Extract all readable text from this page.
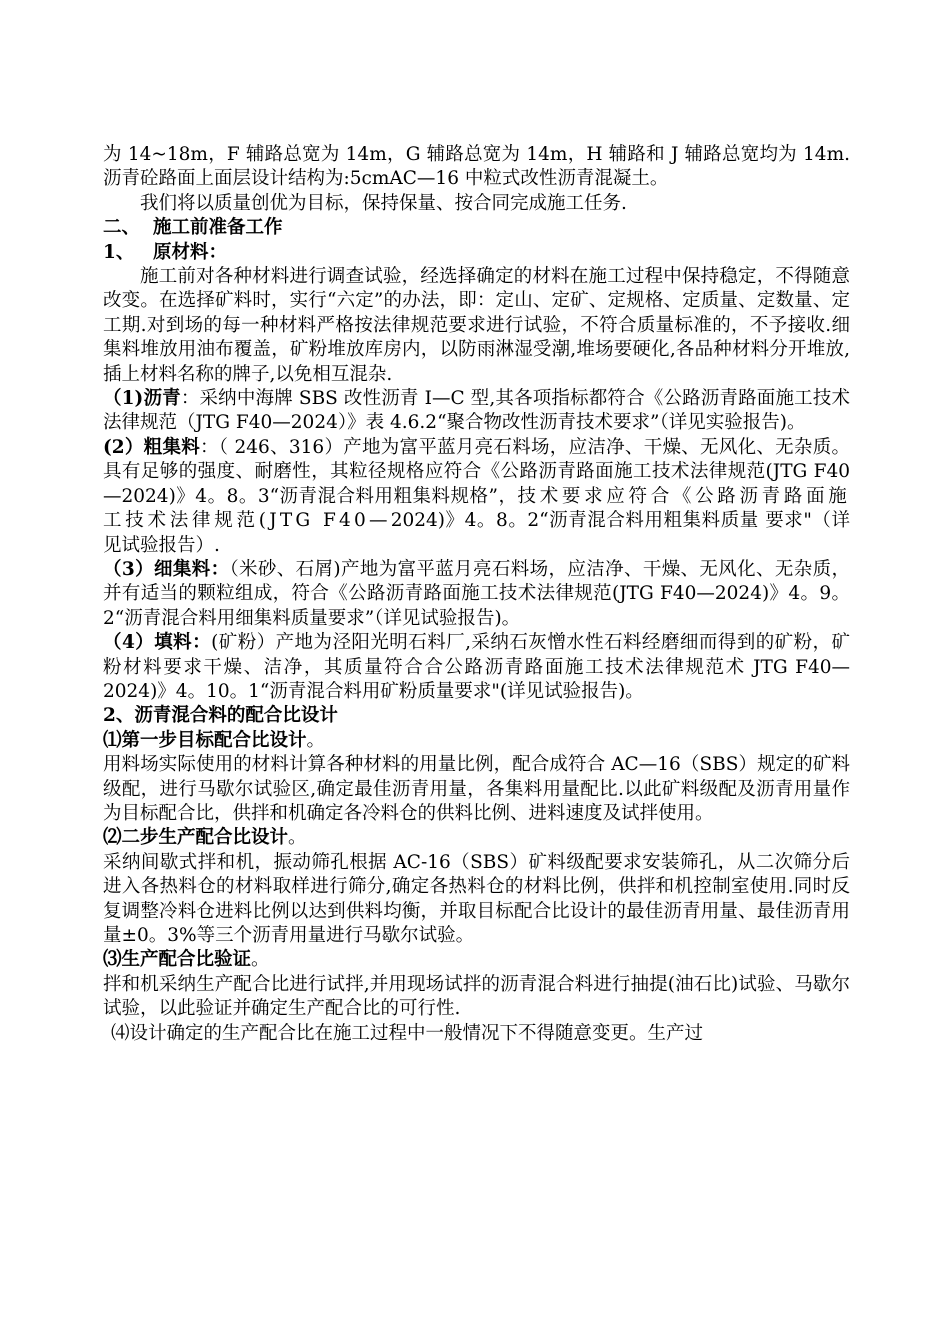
为 14~18m，F 辅路总宽为 14m，G 辅路总宽为 14m，H 辅路和 J 辅路总宽均为 14m.沥青砼路面上面层设计结构为:5cmAC—16 中粒式改性沥青混凝土。

我们将以质量创优为目标，保持保量、按合同完成施工任务.

二、 施工前准备工作

1、 原材料：

施工前对各种材料进行调查试验，经选择确定的材料在施工过程中保持稳定，不得随意改变。在选择矿料时，实行“六定”的办法，即：定山、定矿、定规格、定质量、定数量、定工期.对到场的每一种材料严格按法律规范要求进行试验，不符合质量标准的，不予接收.细集料堆放用油布覆盖，矿粉堆放库房内，以防雨淋湿受潮,堆场要硬化,各品种材料分开堆放,插上材料名称的牌子,以免相互混杂.

（1)沥青：采纳中海牌 SBS 改性沥青 I—C 型,其各项指标都符合《公路沥青路面施工技术法律规范（JTG F40—2024）》表 4.6.2“聚合物改性沥青技术要求”（详见实验报告)。

(2）粗集料：（ 246、316）产地为富平蓝月亮石料场，应洁净、干燥、无风化、无杂质。具有足够的强度、耐磨性，其粒径规格应符合《公路沥青路面施工技术法律规范(JTG F40—2024)》4。8。3“沥青混合料用粗集料规格”，技术要求应符合《公路沥青路面施工技术法律规范(JTG F40—2024)》4。8。2“沥青混合料用粗集料质量 要求"（详见试验报告）.

（3）细集料：（米砂、石屑)产地为富平蓝月亮石料场，应洁净、干燥、无风化、无杂质，并有适当的颗粒组成，符合《公路沥青路面施工技术法律规范(JTG F40—2024)》4。9。2“沥青混合料用细集料质量要求”（详见试验报告)。

（4）填料：(矿粉）产地为泾阳光明石料厂,采纳石灰憎水性石料经磨细而得到的矿粉，矿粉材料要求干燥、洁净，其质量符合合公路沥青路面施工技术法律规范术 JTG F40—2024)》4。10。1“沥青混合料用矿粉质量要求"(详见试验报告)。

2、沥青混合料的配合比设计

⑴第一步目标配合比设计。

用料场实际使用的材料计算各种材料的用量比例，配合成符合 AC—16（SBS）规定的矿料级配，进行马歇尔试验区,确定最佳沥青用量，各集料用量配比.以此矿料级配及沥青用量作为目标配合比，供拌和机确定各冷料仓的供料比例、进料速度及试拌使用。

⑵二步生产配合比设计。

采纳间歇式拌和机，振动筛孔根据 AC-16（SBS）矿料级配要求安装筛孔，从二次筛分后进入各热料仓的材料取样进行筛分,确定各热料仓的材料比例，供拌和机控制室使用.同时反复调整冷料仓进料比例以达到供料均衡，并取目标配合比设计的最佳沥青用量、最佳沥青用量±0。3%等三个沥青用量进行马歇尔试验。

⑶生产配合比验证。

拌和机采纳生产配合比进行试拌,并用现场试拌的沥青混合料进行抽提(油石比)试验、马歇尔试验，以此验证并确定生产配合比的可行性.

⑷设计确定的生产配合比在施工过程中一般情况下不得随意变更。生产过
